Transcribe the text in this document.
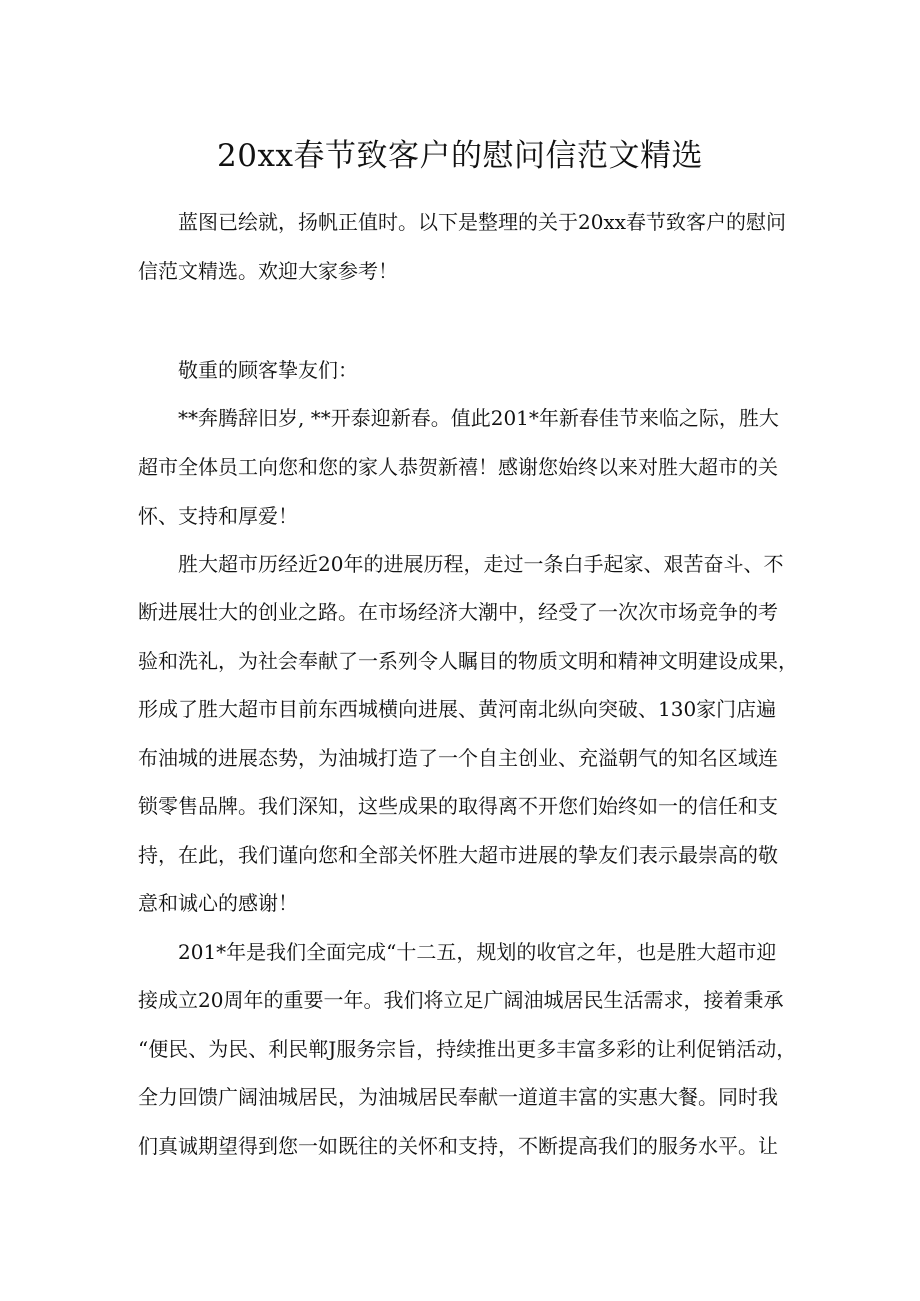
20xx春节致客户的慰问信范文精选

蓝图已绘就，扬帆正值时。以下是整理的关于20xx春节致客户的慰问

信范文精选。欢迎大家参考！

敬重的顾客挚友们：

**奔腾辞旧岁, **开泰迎新春。值此201*年新春佳节来临之际，胜大

超市全体员工向您和您的家人恭贺新禧！感谢您始终以来对胜大超市的关

怀、支持和厚爱！

胜大超市历经近20年的进展历程，走过一条白手起家、艰苦奋斗、不

断进展壮大的创业之路。在市场经济大潮中，经受了一次次市场竞争的考

验和洗礼，为社会奉献了一系列令人瞩目的物质文明和精神文明建设成果，

形成了胜大超市目前东西城横向进展、黄河南北纵向突破、130家门店遍

布油城的进展态势，为油城打造了一个自主创业、充溢朝气的知名区域连

锁零售品牌。我们深知，这些成果的取得离不开您们始终如一的信任和支

持，在此，我们谨向您和全部关怀胜大超市进展的挚友们表示最崇高的敬

意和诚心的感谢！

201*年是我们全面完成“十二五，规划的收官之年，也是胜大超市迎

接成立20周年的重要一年。我们将立足广阔油城居民生活需求，接着秉承

“便民、为民、利民郸J服务宗旨，持续推出更多丰富多彩的让利促销活动，

全力回馈广阔油城居民，为油城居民奉献一道道丰富的实惠大餐。同时我

们真诚期望得到您一如既往的关怀和支持，不断提高我们的服务水平。让
